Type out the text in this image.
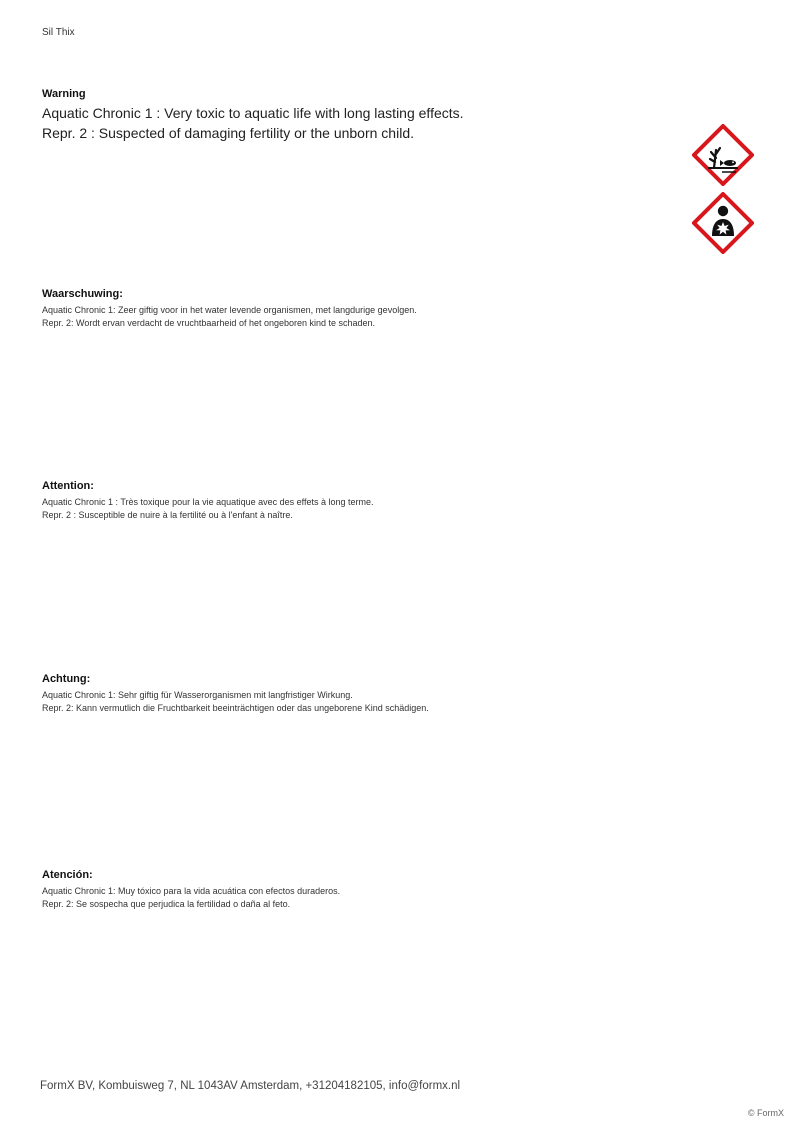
Sil Thix
Warning
Aquatic Chronic 1 : Very toxic to aquatic life with long lasting effects.
Repr. 2 : Suspected of damaging fertility or the unborn child.
Waarschuwing:
Aquatic Chronic 1: Zeer giftig voor in het water levende organismen, met langdurige gevolgen.
Repr. 2: Wordt ervan verdacht de vruchtbaarheid of het ongeboren kind te schaden.
Attention:
Aquatic Chronic 1 : Très toxique pour la vie aquatique avec des effets à long terme.
Repr. 2 : Susceptible de nuire à la fertilité ou à l'enfant à naître.
Achtung:
Aquatic Chronic 1: Sehr giftig für Wasserorganismen mit langfristiger Wirkung.
Repr. 2: Kann vermutlich die Fruchtbarkeit beeinträchtigen oder das ungeborene Kind schädigen.
Atención:
Aquatic Chronic 1: Muy tóxico para la vida acuática con efectos duraderos.
Repr. 2: Se sospecha que perjudica la fertilidad o daña al feto.
FormX BV, Kombuisweg 7, NL 1043AV Amsterdam, +31204182105, info@formx.nl
© FormX
